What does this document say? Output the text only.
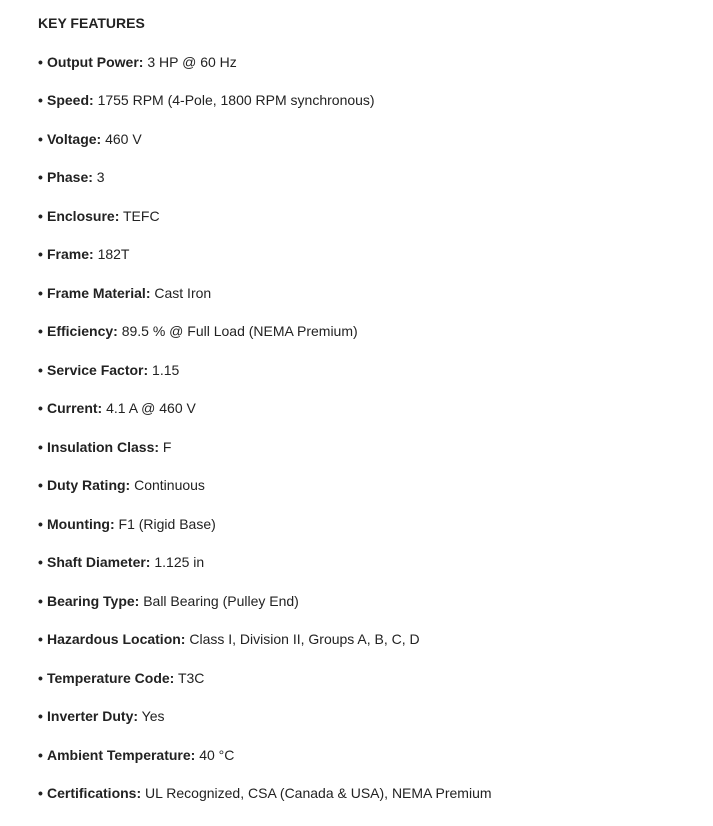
KEY FEATURES
• Output Power: 3 HP @ 60 Hz
• Speed: 1755 RPM (4-Pole, 1800 RPM synchronous)
• Voltage: 460 V
• Phase: 3
• Enclosure: TEFC
• Frame: 182T
• Frame Material: Cast Iron
• Efficiency: 89.5 % @ Full Load (NEMA Premium)
• Service Factor: 1.15
• Current: 4.1 A @ 460 V
• Insulation Class: F
• Duty Rating: Continuous
• Mounting: F1 (Rigid Base)
• Shaft Diameter: 1.125 in
• Bearing Type: Ball Bearing (Pulley End)
• Hazardous Location: Class I, Division II, Groups A, B, C, D
• Temperature Code: T3C
• Inverter Duty: Yes
• Ambient Temperature: 40 °C
• Certifications: UL Recognized, CSA (Canada & USA), NEMA Premium
